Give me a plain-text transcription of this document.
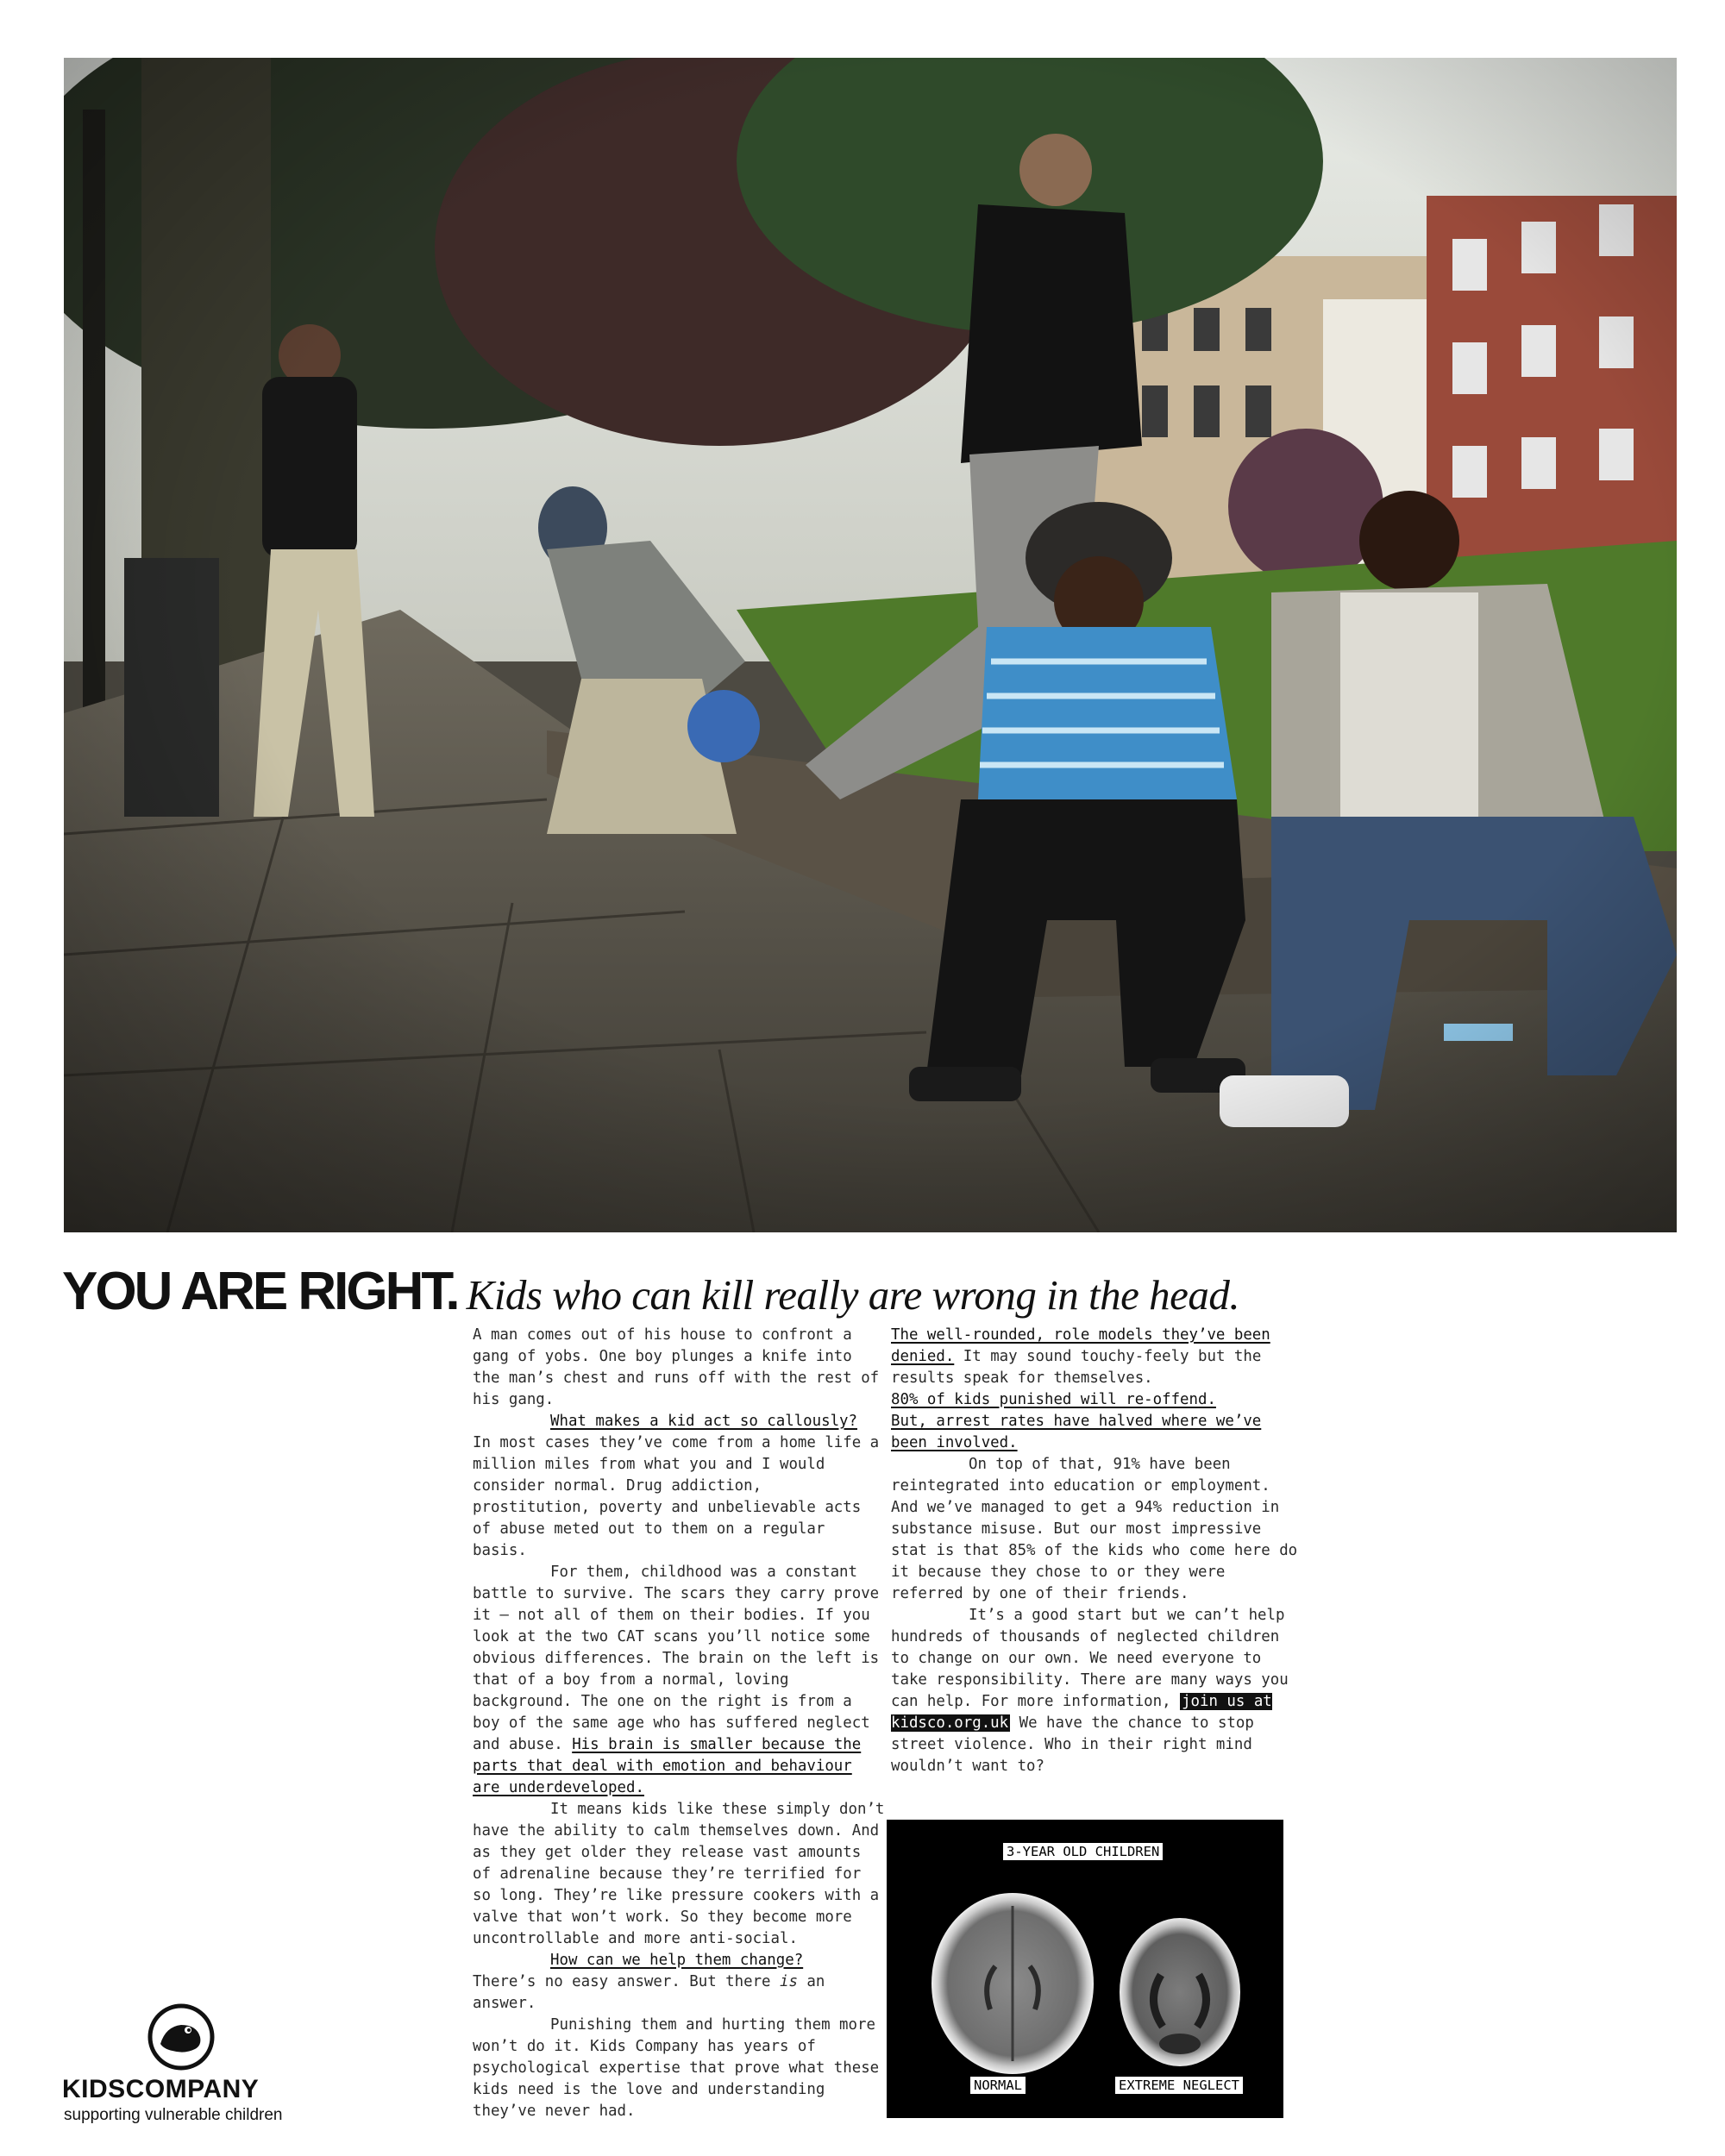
YOU ARE RIGHT. Kids who can kill really are wrong in the head.

A man comes out of his house to confront a gang of yobs. One boy plunges a knife into the man’s chest and runs off with the rest of his gang.

What makes a kid act so callously?

In most cases they’ve come from a home life a million miles from what you and I would consider normal. Drug addiction, prostitution, poverty and unbelievable acts of abuse meted out to them on a regular basis.

For them, childhood was a constant battle to survive. The scars they carry prove it – not all of them on their bodies. If you look at the two CAT scans you’ll notice some obvious differences. The brain on the left is that of a boy from a normal, loving background. The one on the right is from a boy of the same age who has suffered neglect and abuse. His brain is smaller because the parts that deal with emotion and behaviour are underdeveloped.

It means kids like these simply don’t have the ability to calm themselves down. And as they get older they release vast amounts of adrenaline because they’re terrified for so long. They’re like pressure cookers with a valve that won’t work. So they become more uncontrollable and more anti-social.

How can we help them change?

There’s no easy answer. But there is an answer.

Punishing them and hurting them more won’t do it. Kids Company has years of psychological expertise that prove what these kids need is the love and understanding they’ve never had.

The well-rounded, role models they’ve been denied. It may sound touchy-feely but the results speak for themselves.

80% of kids punished will re-offend.

But, arrest rates have halved where we’ve been involved.

On top of that, 91% have been reintegrated into education or employment. And we’ve managed to get a 94% reduction in substance misuse. But our most impressive stat is that 85% of the kids who come here do it because they chose to or they were referred by one of their friends.

It’s a good start but we can’t help hundreds of thousands of neglected children to change on our own. We need everyone to take responsibility. There are many ways you can help. For more information, join us at kidsco.org.uk We have the chance to stop street violence. Who in their right mind wouldn’t want to?

3-YEAR OLD CHILDREN
NORMAL	EXTREME NEGLECT
KIDSCOMPANY
supporting vulnerable children
